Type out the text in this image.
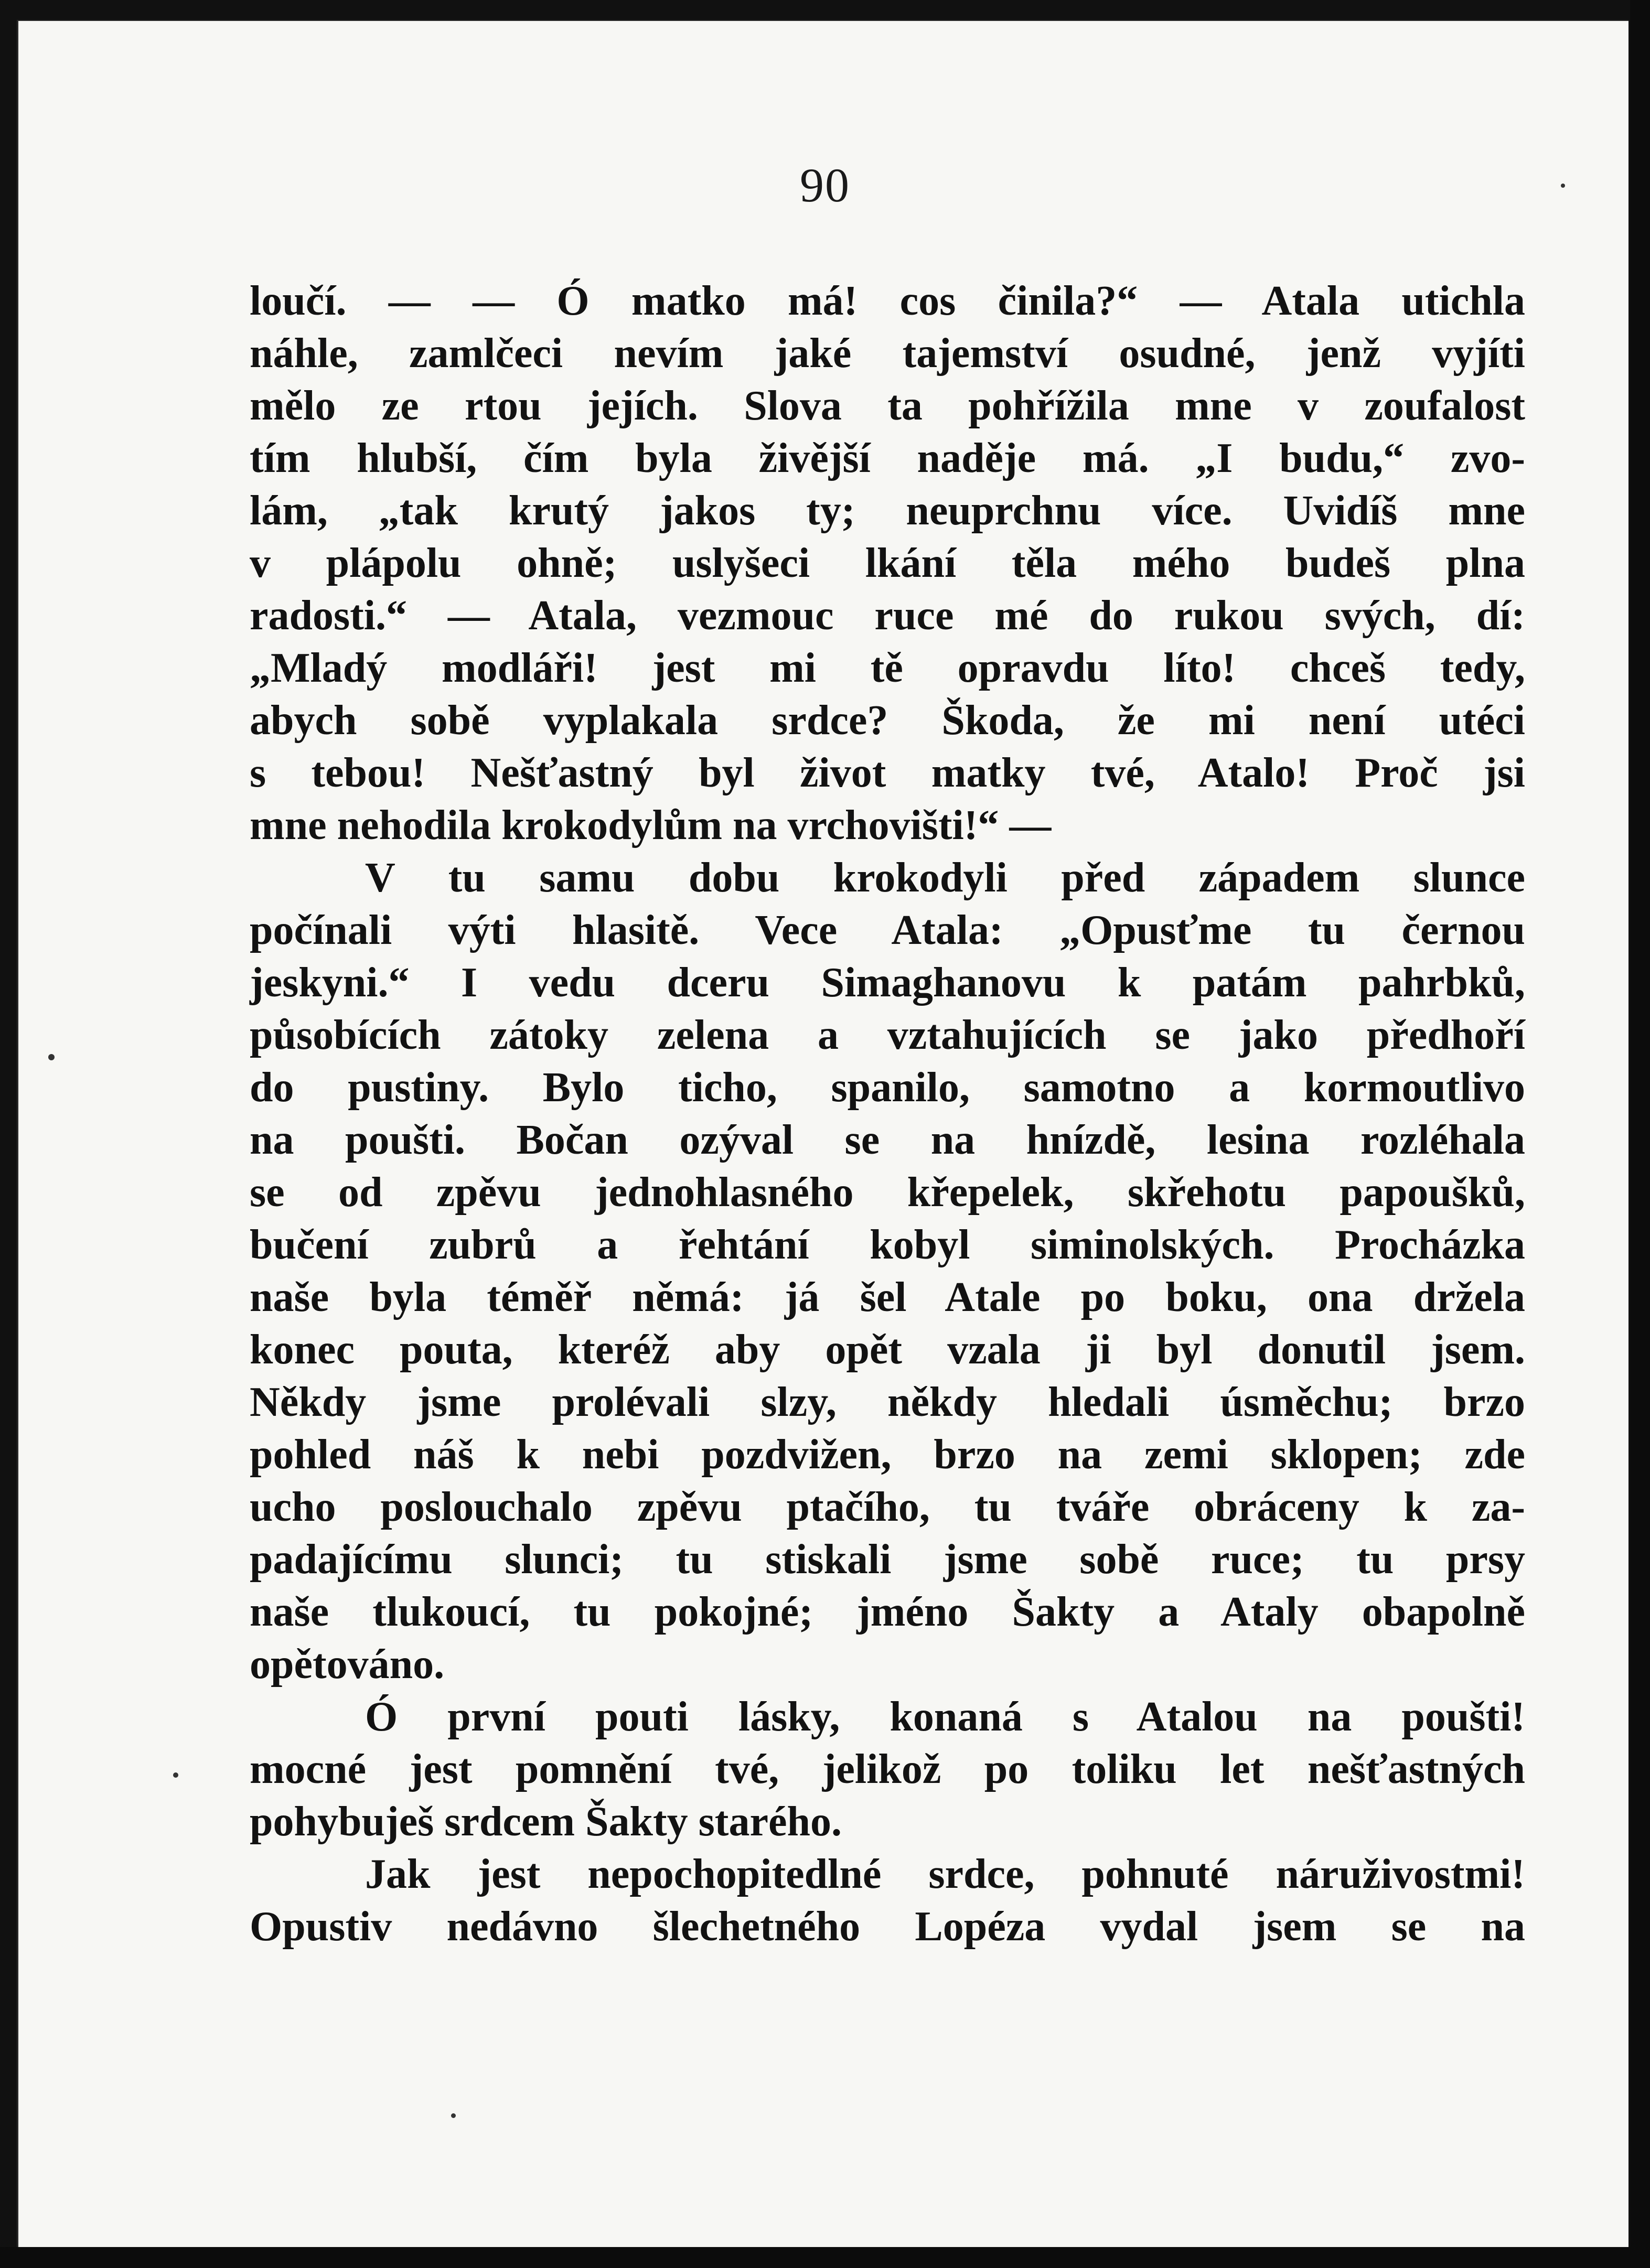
90
loučí. — — Ó matko má! cos činila?“ — Atala utichla
náhle, zamlčeci nevím jaké tajemství osudné, jenž vyjíti
mělo ze rtou jejích. Slova ta pohřížila mne v zoufalost
tím hlubší, čím byla živější naděje má. „I budu,“ zvo-
lám, „tak krutý jakos ty; neuprchnu více. Uvidíš mne
v plápolu ohně; uslyšeci lkání těla mého budeš plna
radosti.“ — Atala, vezmouc ruce mé do rukou svých, dí:
„Mladý modláři! jest mi tě opravdu líto! chceš tedy,
abych sobě vyplakala srdce? Škoda, že mi není utéci
s tebou! Nešťastný byl život matky tvé, Atalo! Proč jsi
mne nehodila krokodylům na vrchovišti!“ —
V tu samu dobu krokodyli před západem slunce
počínali výti hlasitě. Vece Atala: „Opusťme tu černou
jeskyni.“ I vedu dceru Simaghanovu k patám pahrbků,
působících zátoky zelena a vztahujících se jako předhoří
do pustiny. Bylo ticho, spanilo, samotno a kormoutlivo
na poušti. Bočan ozýval se na hnízdě, lesina rozléhala
se od zpěvu jednohlasného křepelek, skřehotu papoušků,
bučení zubrů a řehtání kobyl siminolských. Procházka
naše byla téměř němá: já šel Atale po boku, ona držela
konec pouta, kteréž aby opět vzala ji byl donutil jsem.
Někdy jsme prolévali slzy, někdy hledali úsměchu; brzo
pohled náš k nebi pozdvižen, brzo na zemi sklopen; zde
ucho poslouchalo zpěvu ptačího, tu tváře obráceny k za-
padajícímu slunci; tu stiskali jsme sobě ruce; tu prsy
naše tlukoucí, tu pokojné; jméno Šakty a Ataly obapolně
opětováno.
Ó první pouti lásky, konaná s Atalou na poušti!
mocné jest pomnění tvé, jelikož po toliku let nešťastných
pohybuješ srdcem Šakty starého.
Jak jest nepochopitedlné srdce, pohnuté náruživostmi!
Opustiv nedávno šlechetného Lopéza vydal jsem se na
